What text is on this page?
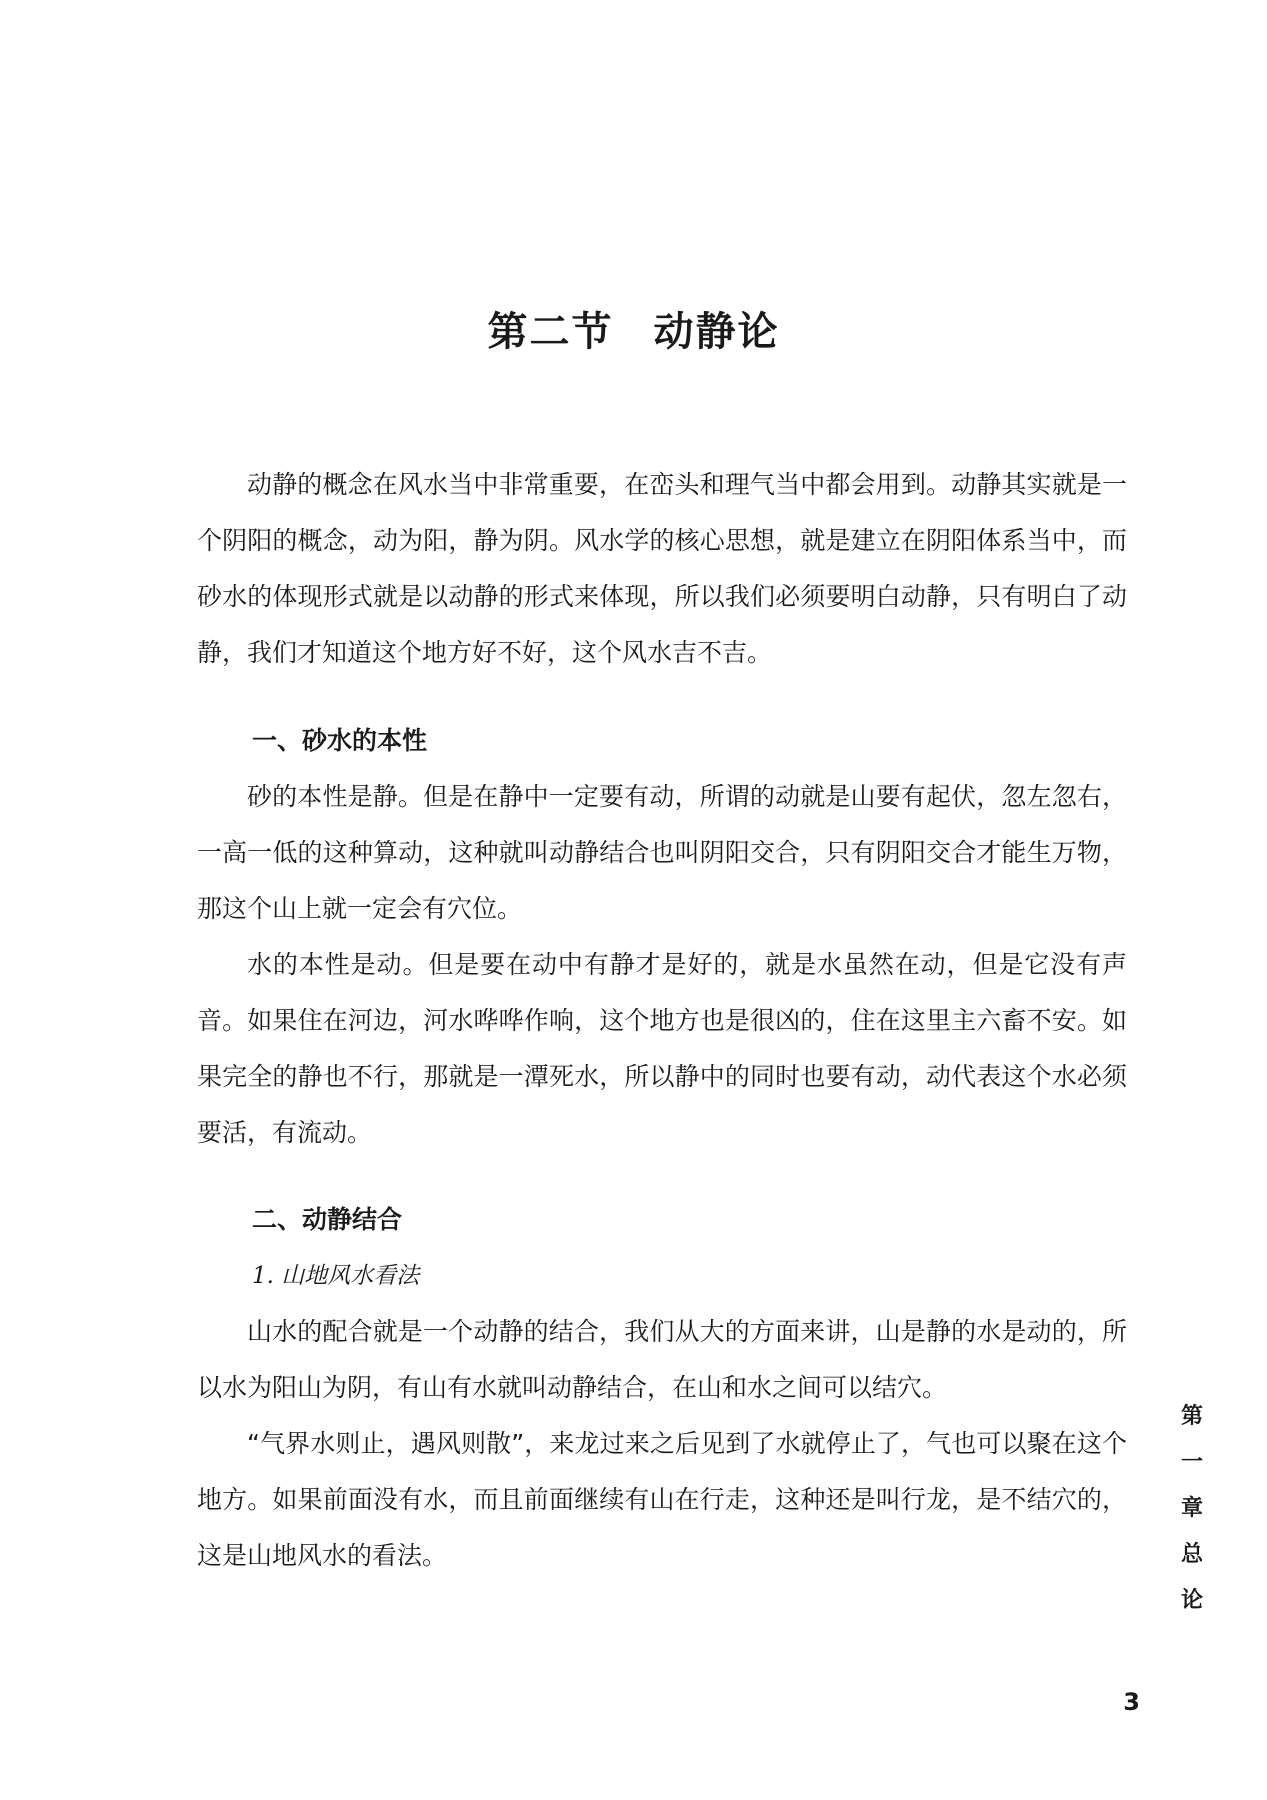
第二节 动静论

动静的概念在风水当中非常重要，在峦头和理气当中都会用到。动静其实就是一个阴阳的概念，动为阳，静为阴。风水学的核心思想，就是建立在阴阳体系当中，而砂水的体现形式就是以动静的形式来体现，所以我们必须要明白动静，只有明白了动静，我们才知道这个地方好不好，这个风水吉不吉。

一、砂水的本性

砂的本性是静。但是在静中一定要有动，所谓的动就是山要有起伏，忽左忽右，一高一低的这种算动，这种就叫动静结合也叫阴阳交合，只有阴阳交合才能生万物，那这个山上就一定会有穴位。

水的本性是动。但是要在动中有静才是好的，就是水虽然在动，但是它没有声音。如果住在河边，河水哗哗作响，这个地方也是很凶的，住在这里主六畜不安。如果完全的静也不行，那就是一潭死水，所以静中的同时也要有动，动代表这个水必须要活，有流动。

二、动静结合

1. 山地风水看法

山水的配合就是一个动静的结合，我们从大的方面来讲，山是静的水是动的，所以水为阳山为阴，有山有水就叫动静结合，在山和水之间可以结穴。

“气界水则止，遇风则散”，来龙过来之后见到了水就停止了，气也可以聚在这个地方。如果前面没有水，而且前面继续有山在行走，这种还是叫行龙，是不结穴的，这是山地风水的看法。

第
一
章
总
论
3
